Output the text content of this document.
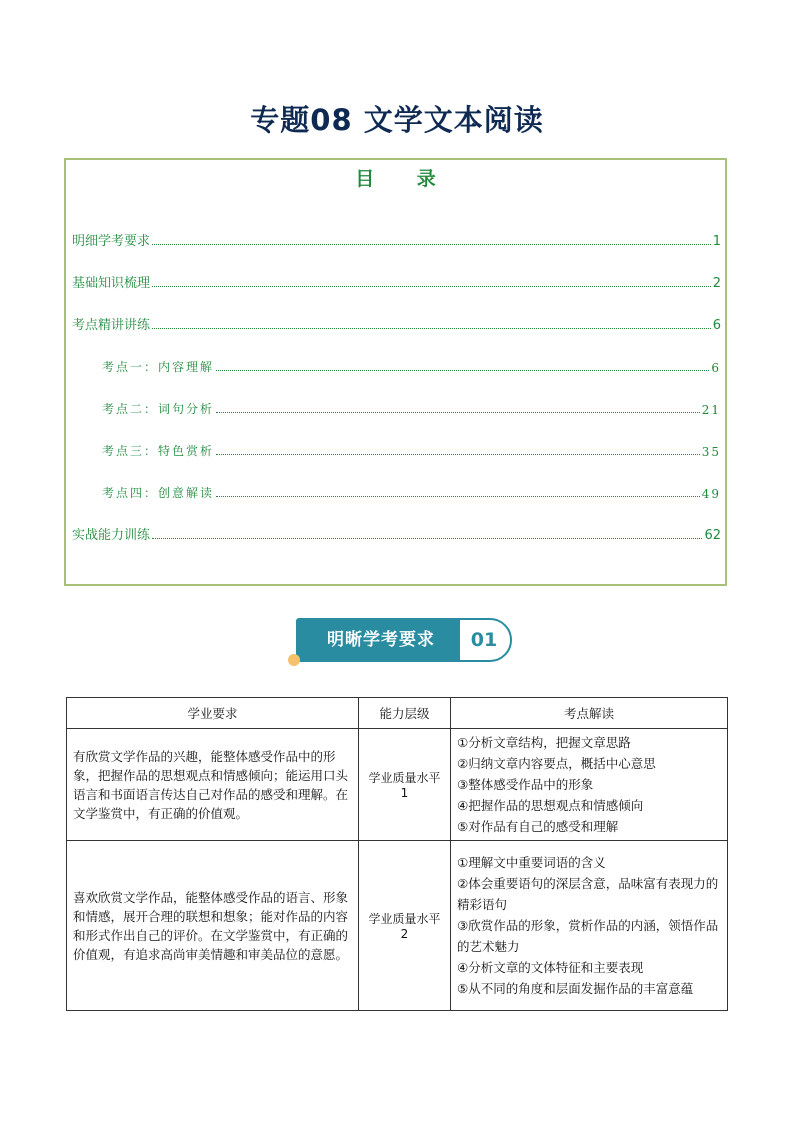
专题08 文学文本阅读
目 录
明细学考要求	1
基础知识梳理	2
考点精讲讲练	6
考点一：内容理解	6
考点二：词句分析	21
考点三：特色赏析	35
考点四：创意解读	49
实战能力训练	62
明晰学考要求	01
学业要求	能力层级	考点解读
有欣赏文学作品的兴趣，能整体感受作品中的形象，把握作品的思想观点和情感倾向；能运用口头语言和书面语言传达自己对作品的感受和理解。在文学鉴赏中，有正确的价值观。	学业质量水平 1	①分析文章结构，把握文章思路
②归纳文章内容要点，概括中心意思
③整体感受作品中的形象
④把握作品的思想观点和情感倾向
⑤对作品有自己的感受和理解

喜欢欣赏文学作品，能整体感受作品的语言、形象和情感，展开合理的联想和想象；能对作品的内容和形式作出自己的评价。在文学鉴赏中，有正确的价值观，有追求高尚审美情趣和审美品位的意愿。	学业质量水平 2	①理解文中重要词语的含义
②体会重要语句的深层含意，品味富有表现力的精彩语句
③欣赏作品的形象，赏析作品的内涵，领悟作品的艺术魅力
④分析文章的文体特征和主要表现
⑤从不同的角度和层面发掘作品的丰富意蕴
